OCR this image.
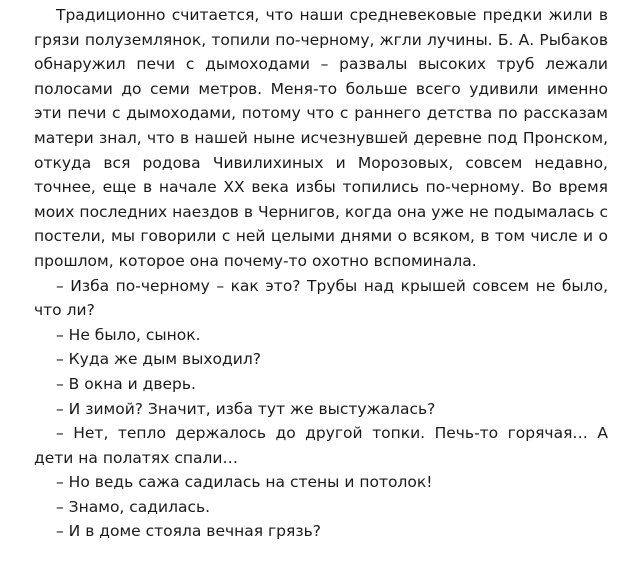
Традиционно считается, что наши средневековые предки жили в грязи полуземлянок, топили по-черному, жгли лучины. Б. А. Рыбаков обнаружил печи с дымоходами – развалы высоких труб лежали полосами до семи метров. Меня-то больше всего удивили именно эти печи с дымоходами, потому что с раннего детства по рассказам матери знал, что в нашей ныне исчезнувшей деревне под Пронском, откуда вся родова Чивилихиных и Морозовых, совсем недавно, точнее, еще в начале XX века избы топились по-черному. Во время моих последних наездов в Чернигов, когда она уже не подымалась с постели, мы говорили с ней целыми днями о всяком, в том числе и о прошлом, которое она почему-то охотно вспоминала.

– Изба по-черному – как это? Трубы над крышей совсем не было, что ли?

– Не было, сынок.

– Куда же дым выходил?

– В окна и дверь.

– И зимой? Значит, изба тут же выстужалась?

– Нет, тепло держалось до другой топки. Печь-то горячая… А дети на полатях спали…

– Но ведь сажа садилась на стены и потолок!

– Знамо, садилась.

– И в доме стояла вечная грязь?
